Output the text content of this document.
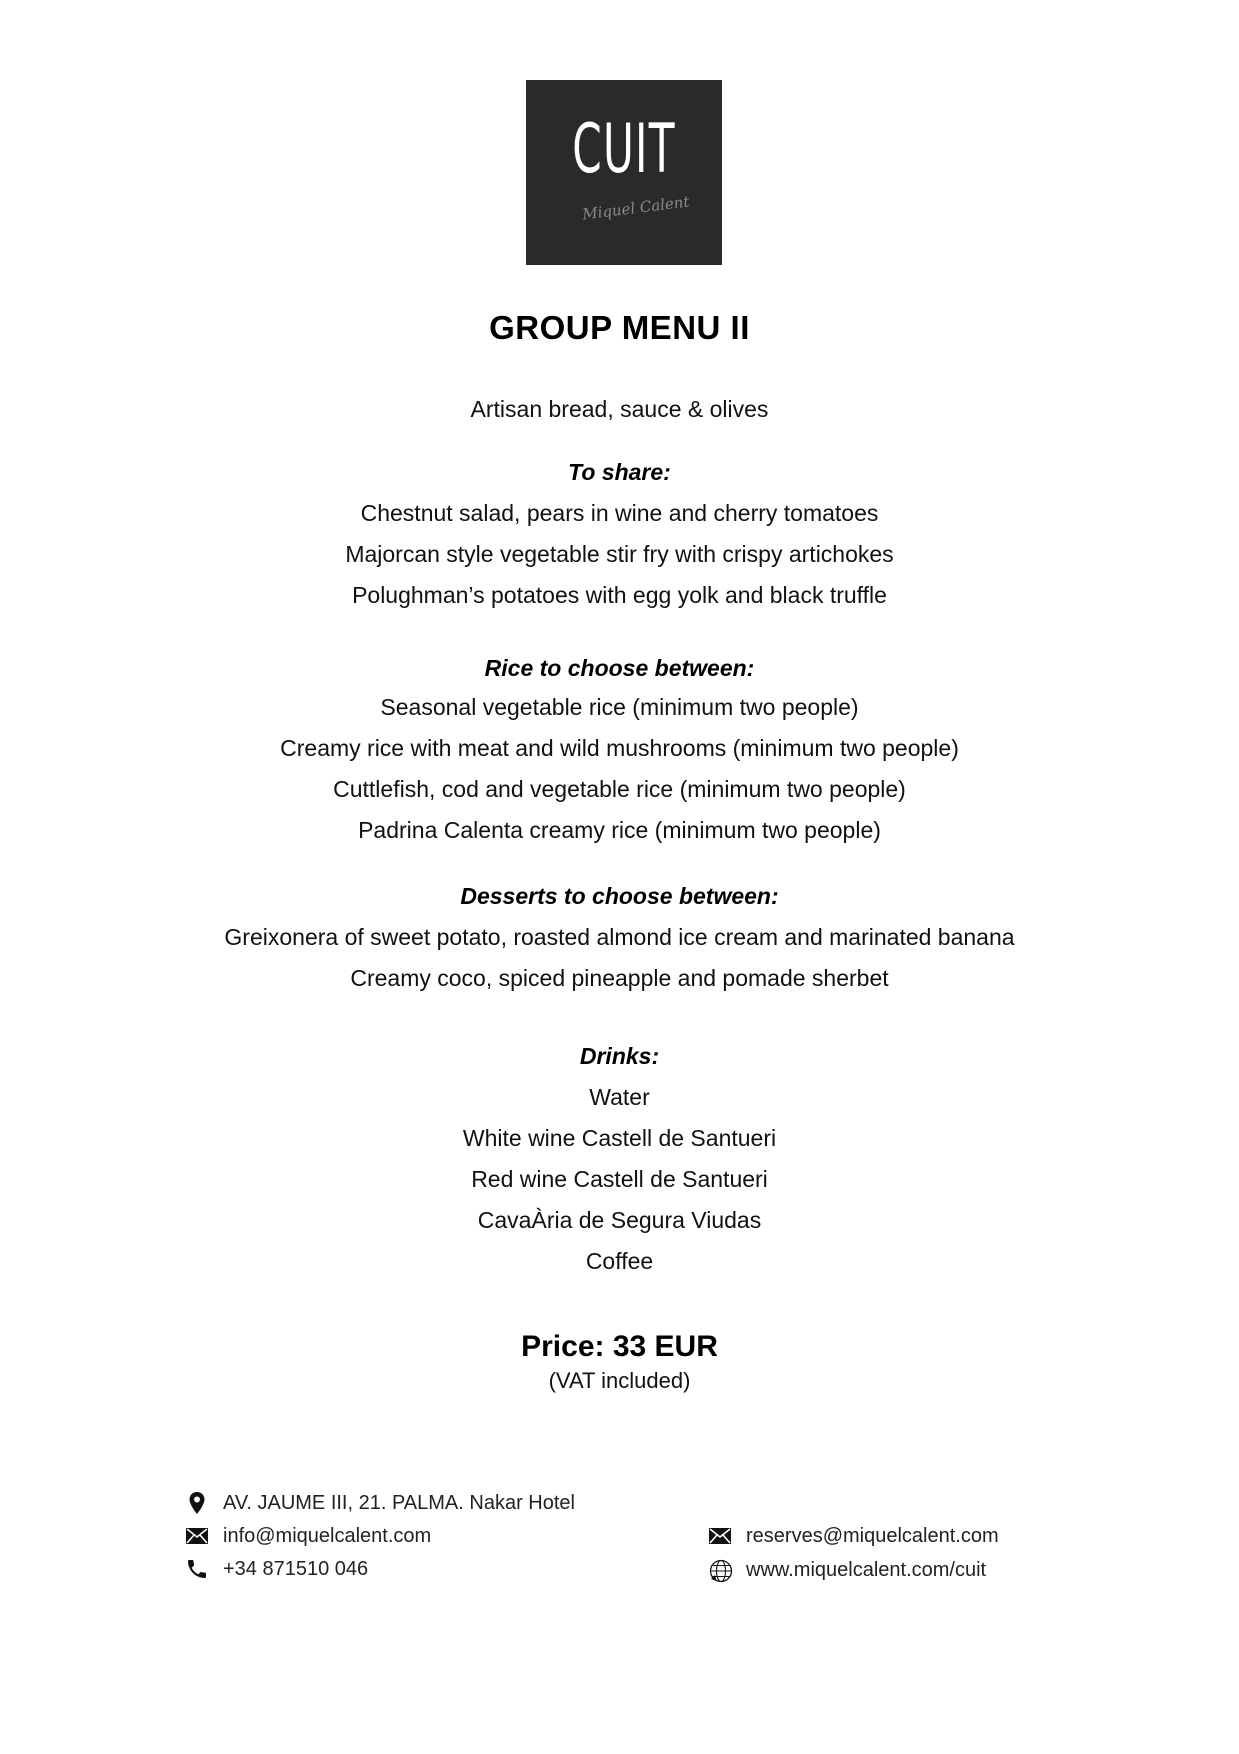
CUIT
Miquel Calent
GROUP MENU II
Artisan bread, sauce & olives
To share:
Chestnut salad, pears in wine and cherry tomatoes
Majorcan style vegetable stir fry with crispy artichokes
Polughman’s potatoes with egg yolk and black truffle
Rice to choose between:
Seasonal vegetable rice (minimum two people)
Creamy rice with meat and wild mushrooms (minimum two people)
Cuttlefish, cod and vegetable rice (minimum two people)
Padrina Calenta creamy rice (minimum two people)
Desserts to choose between:
Greixonera of sweet potato, roasted almond ice cream and marinated banana
Creamy coco, spiced pineapple and pomade sherbet
Drinks:
Water
White wine Castell de Santueri
Red wine Castell de Santueri
CavaÀria de Segura Viudas
Coffee
Price: 33 EUR
(VAT included)
AV. JAUME III, 21. PALMA. Nakar Hotel
info@miquelcalent.com
+34 871510 046
reserves@miquelcalent.com
www.miquelcalent.com/cuit
